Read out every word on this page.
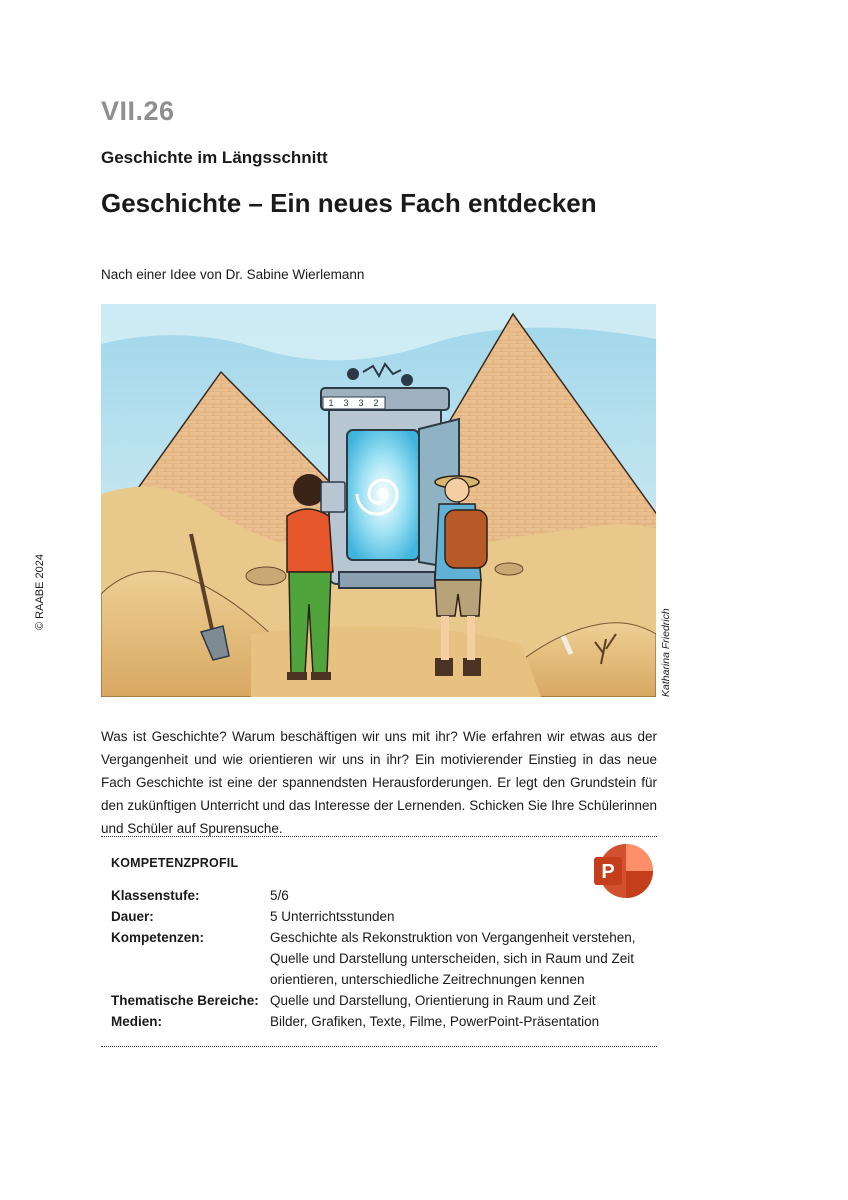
VII.26
Geschichte im Längsschnitt
Geschichte – Ein neues Fach entdecken
Nach einer Idee von Dr. Sabine Wierlemann
© RAABE 2024
1 3 3 2
Katharina Friedrich
Was ist Geschichte? Warum beschäftigen wir uns mit ihr? Wie erfahren wir etwas aus der Vergangenheit und wie orientieren wir uns in ihr? Ein motivierender Einstieg in das neue Fach Geschichte ist eine der spannendsten Herausforderungen. Er legt den Grundstein für den zukünftigen Unterricht und das Interesse der Lernenden. Schicken Sie Ihre Schülerinnen und Schüler auf Spurensuche.
KOMPETENZPROFIL	P
Klassenstufe:	5/6
Dauer:	5 Unterrichtsstunden
Kompetenzen:	Geschichte als Rekonstruktion von Vergangenheit verstehen, Quelle und Darstellung unterscheiden, sich in Raum und Zeit orientieren, unterschiedliche Zeitrechnungen kennen
Thematische Bereiche: Quelle und Darstellung, Orientierung in Raum und Zeit
Medien:	Bilder, Grafiken, Texte, Filme, PowerPoint-Präsentation
